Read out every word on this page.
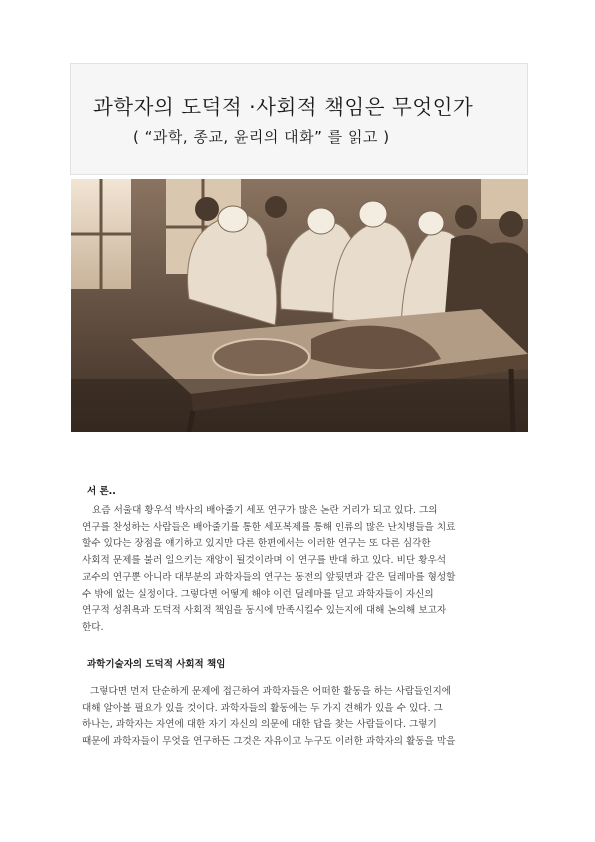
과학자의 도덕적 ·사회적 책임은 무엇인가
( “과학, 종교, 윤리의 대화” 를 읽고 )
서 론..
요즘 서울대 황우석 박사의 배아줄기 세포 연구가 많은 논란 거리가 되고 있다. 그의
연구를 찬성하는 사람들은 배아줄기를 통한 세포복제를 통해 인류의 많은 난치병들을 치료
할수 있다는 장점을 얘기하고 있지만 다른 한편에서는 이러한 연구는 또 다른 심각한
사회적 문제를 불러 일으키는 재앙이 될것이라며 이 연구를 반대 하고 있다. 비단 황우석
교수의 연구뿐 아니라 대부분의 과학자들의 연구는 동전의 앞뒷면과 같은 딜레마를 형성할
수 밖에 없는 실정이다. 그렇다면 어떻게 해야 이런 딜레마를 딛고 과학자들이 자신의
연구적 성취욕과 도덕적 사회적 책임을 동시에 만족시킬수 있는지에 대해 논의해 보고자
한다.
과학기술자의 도덕적 사회적 책임
그렇다면 먼저 단순하게 문제에 접근하여 과학자들은 어떠한 활동을 하는 사람들인지에
대해 알아볼 필요가 있을 것이다. 과학자들의 활동에는 두 가지 견해가 있을 수 있다. 그
하나는, 과학자는 자연에 대한 자기 자신의 의문에 대한 답을 찾는 사람들이다. 그렇기
때문에 과학자들이 무엇을 연구하든 그것은 자유이고 누구도 이러한 과학자의 활동을 막을
